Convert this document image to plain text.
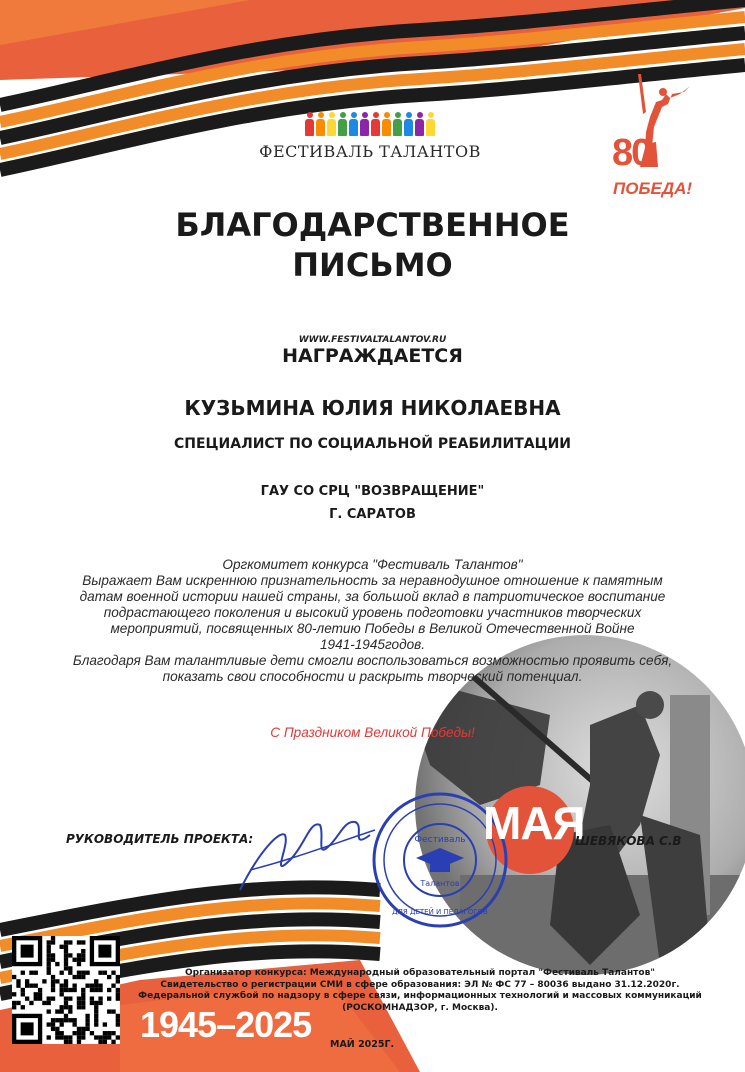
ФЕСТИВАЛЬ ТАЛАНТОВ	80
ПОБЕДА!
БЛАГОДАРСТВЕННОЕ
ПИСЬМО
WWW.FESTIVALTALANTOV.RU
НАГРАЖДАЕТСЯ
КУЗЬМИНА ЮЛИЯ НИКОЛАЕВНА
СПЕЦИАЛИСТ ПО СОЦИАЛЬНОЙ РЕАБИЛИТАЦИИ
ГАУ СО СРЦ "ВОЗВРАЩЕНИЕ"
Г. САРАТОВ
Оргкомитет конкурса "Фестиваль Талантов"
Выражает Вам искреннюю признательность за неравнодушное отношение к памятным
датам военной истории нашей страны, за большой вклад в патриотическое воспитание
подрастающего поколения и высокий уровень подготовки участников творческих
мероприятий, посвященных 80-летию Победы в Великой Отечественной Войне
1941-1945годов.
Благодаря Вам талантливые дети смогли воспользоваться возможностью проявить себя,
показать свои способности и раскрыть творческий потенциал.
С Праздником Великой Победы!
РУКОВОДИТЕЛЬ ПРОЕКТА:	Фестиваль
Талантов
ДЛЯ ДЕТЕЙ И ПЕДАГОГОВ
МАЯ
ШЕВЯКОВА С.В
Организатор конкурса: Международный образовательный портал "Фестиваль Талантов"
Свидетельство о регистрации СМИ в сфере образования: ЭЛ № ФС 77 – 80036 выдано 31.12.2020г.
Федеральной службой по надзору в сфере связи, информационных технологий и массовых коммуникаций
(РОСКОМНАДЗОР, г. Москва).
1945–2025 МАЙ 2025Г.
